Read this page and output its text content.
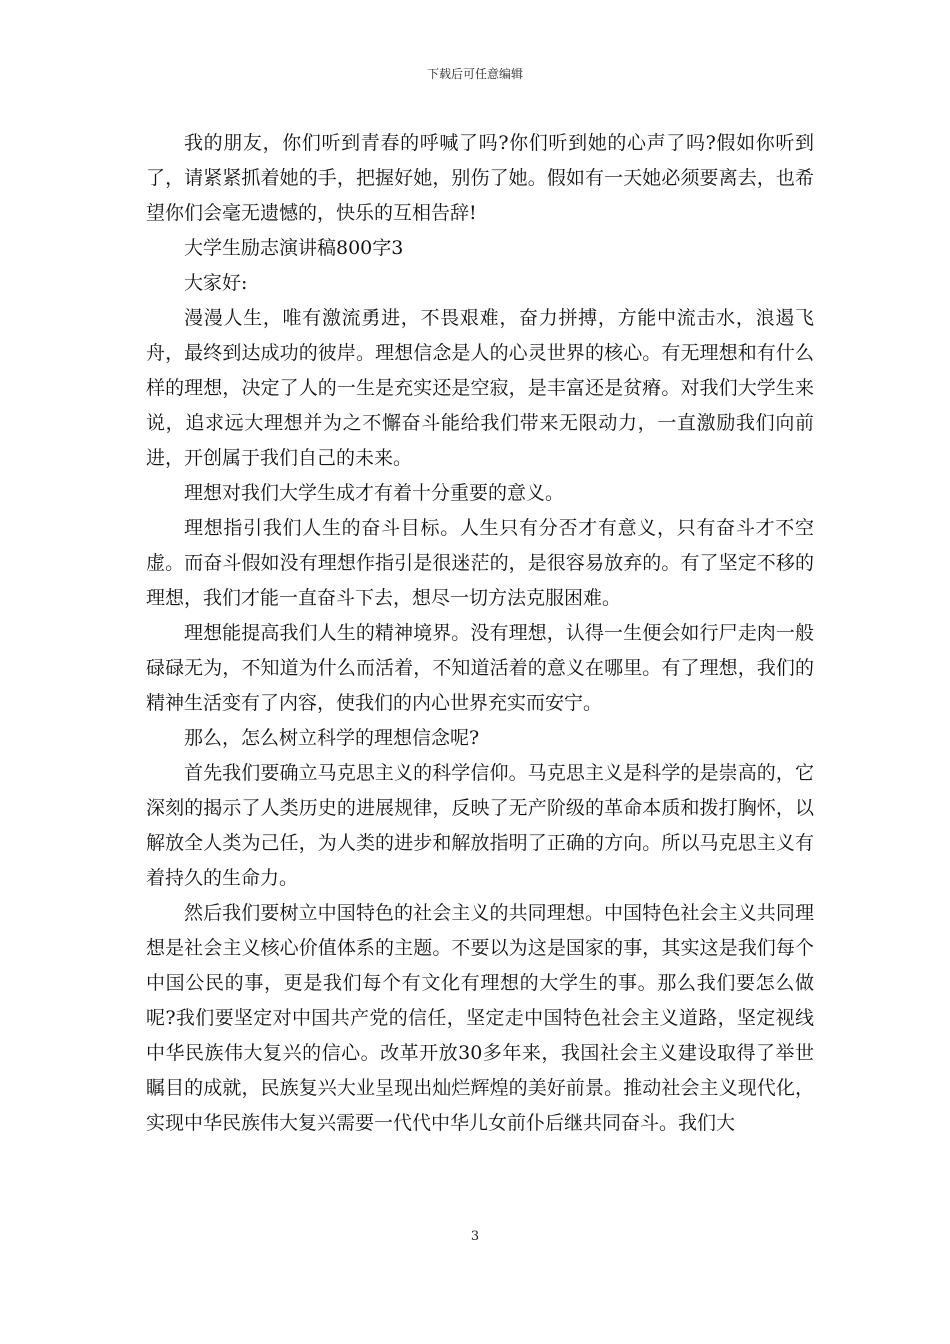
下载后可任意编辑

我的朋友，你们听到青春的呼喊了吗?你们听到她的心声了吗?假如你听到了，请紧紧抓着她的手，把握好她，别伤了她。假如有一天她必须要离去，也希望你们会毫无遗憾的，快乐的互相告辞!

大学生励志演讲稿800字3

大家好:

漫漫人生，唯有激流勇进，不畏艰难，奋力拼搏，方能中流击水，浪遏飞舟，最终到达成功的彼岸。理想信念是人的心灵世界的核心。有无理想和有什么样的理想，决定了人的一生是充实还是空寂，是丰富还是贫瘠。对我们大学生来说，追求远大理想并为之不懈奋斗能给我们带来无限动力，一直激励我们向前进，开创属于我们自己的未来。

理想对我们大学生成才有着十分重要的意义。

理想指引我们人生的奋斗目标。人生只有分否才有意义，只有奋斗才不空虚。而奋斗假如没有理想作指引是很迷茫的，是很容易放弃的。有了坚定不移的理想，我们才能一直奋斗下去，想尽一切方法克服困难。

理想能提高我们人生的精神境界。没有理想，认得一生便会如行尸走肉一般碌碌无为，不知道为什么而活着，不知道活着的意义在哪里。有了理想，我们的精神生活变有了内容，使我们的内心世界充实而安宁。

那么，怎么树立科学的理想信念呢?

首先我们要确立马克思主义的科学信仰。马克思主义是科学的是崇高的，它深刻的揭示了人类历史的进展规律，反映了无产阶级的革命本质和拨打胸怀，以解放全人类为己任，为人类的进步和解放指明了正确的方向。所以马克思主义有着持久的生命力。

然后我们要树立中国特色的社会主义的共同理想。中国特色社会主义共同理想是社会主义核心价值体系的主题。不要以为这是国家的事，其实这是我们每个中国公民的事，更是我们每个有文化有理想的大学生的事。那么我们要怎么做呢?我们要坚定对中国共产党的信任，坚定走中国特色社会主义道路，坚定视线中华民族伟大复兴的信心。改革开放30多年来，我国社会主义建设取得了举世瞩目的成就，民族复兴大业呈现出灿烂辉煌的美好前景。推动社会主义现代化，实现中华民族伟大复兴需要一代代中华儿女前仆后继共同奋斗。我们大

3
